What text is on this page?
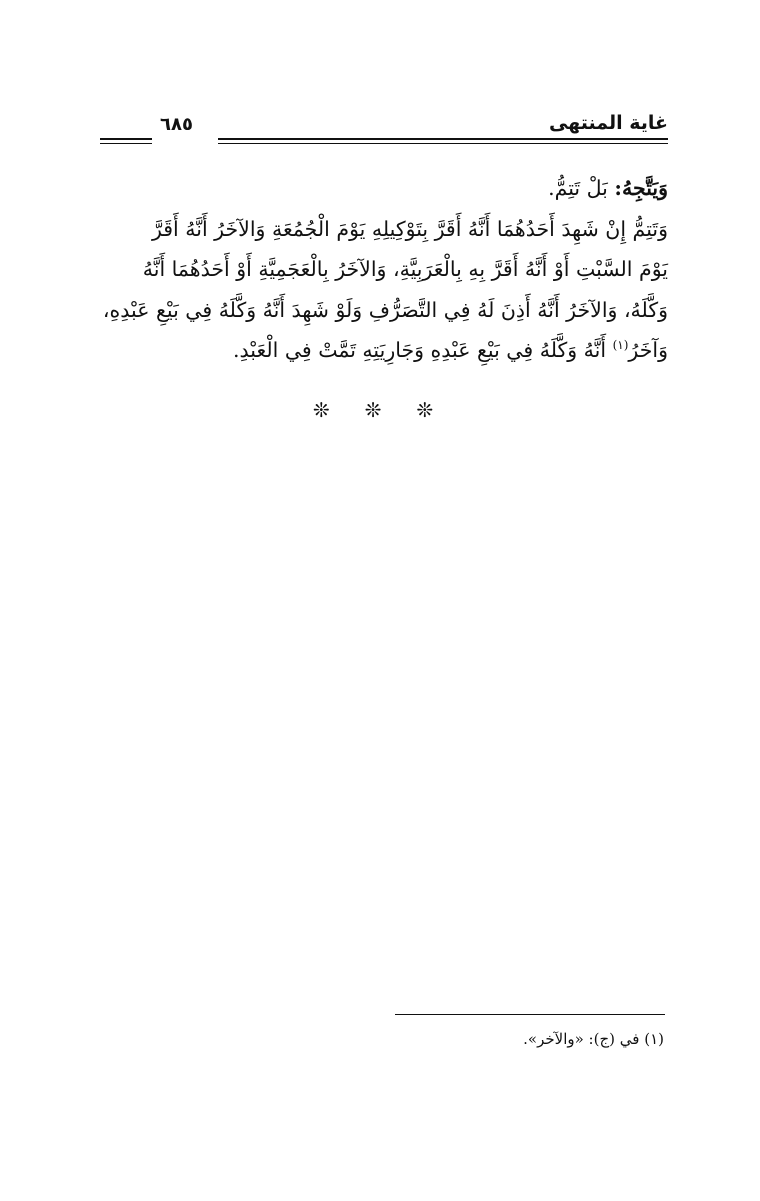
غاية المنتهى
٦٨٥

وَيَتَّجِهُ: بَلْ تَتِمُّ.

وَتَتِمُّ إِنْ شَهِدَ أَحَدُهُمَا أَنَّهُ أَقَرَّ بِتَوْكِيلِهِ يَوْمَ الْجُمُعَةِ وَالآخَرُ أَنَّهُ أَقَرَّ
يَوْمَ السَّبْتِ أَوْ أَنَّهُ أَقَرَّ بِهِ بِالْعَرَبِيَّةِ، وَالآخَرُ بِالْعَجَمِيَّةِ أَوْ أَحَدُهُمَا أَنَّهُ
وَكَّلَهُ، وَالآخَرُ أَنَّهُ أَذِنَ لَهُ فِي التَّصَرُّفِ وَلَوْ شَهِدَ أَنَّهُ وَكَّلَهُ فِي بَيْعِ عَبْدِهِ،
وَآخَرُ$^{(١)}$ أَنَّهُ وَكَّلَهُ فِي بَيْعِ عَبْدِهِ وَجَارِيَتِهِ تَمَّتْ فِي الْعَبْدِ.

❊ ❊ ❊
(١) في (ج): «والآخر».
